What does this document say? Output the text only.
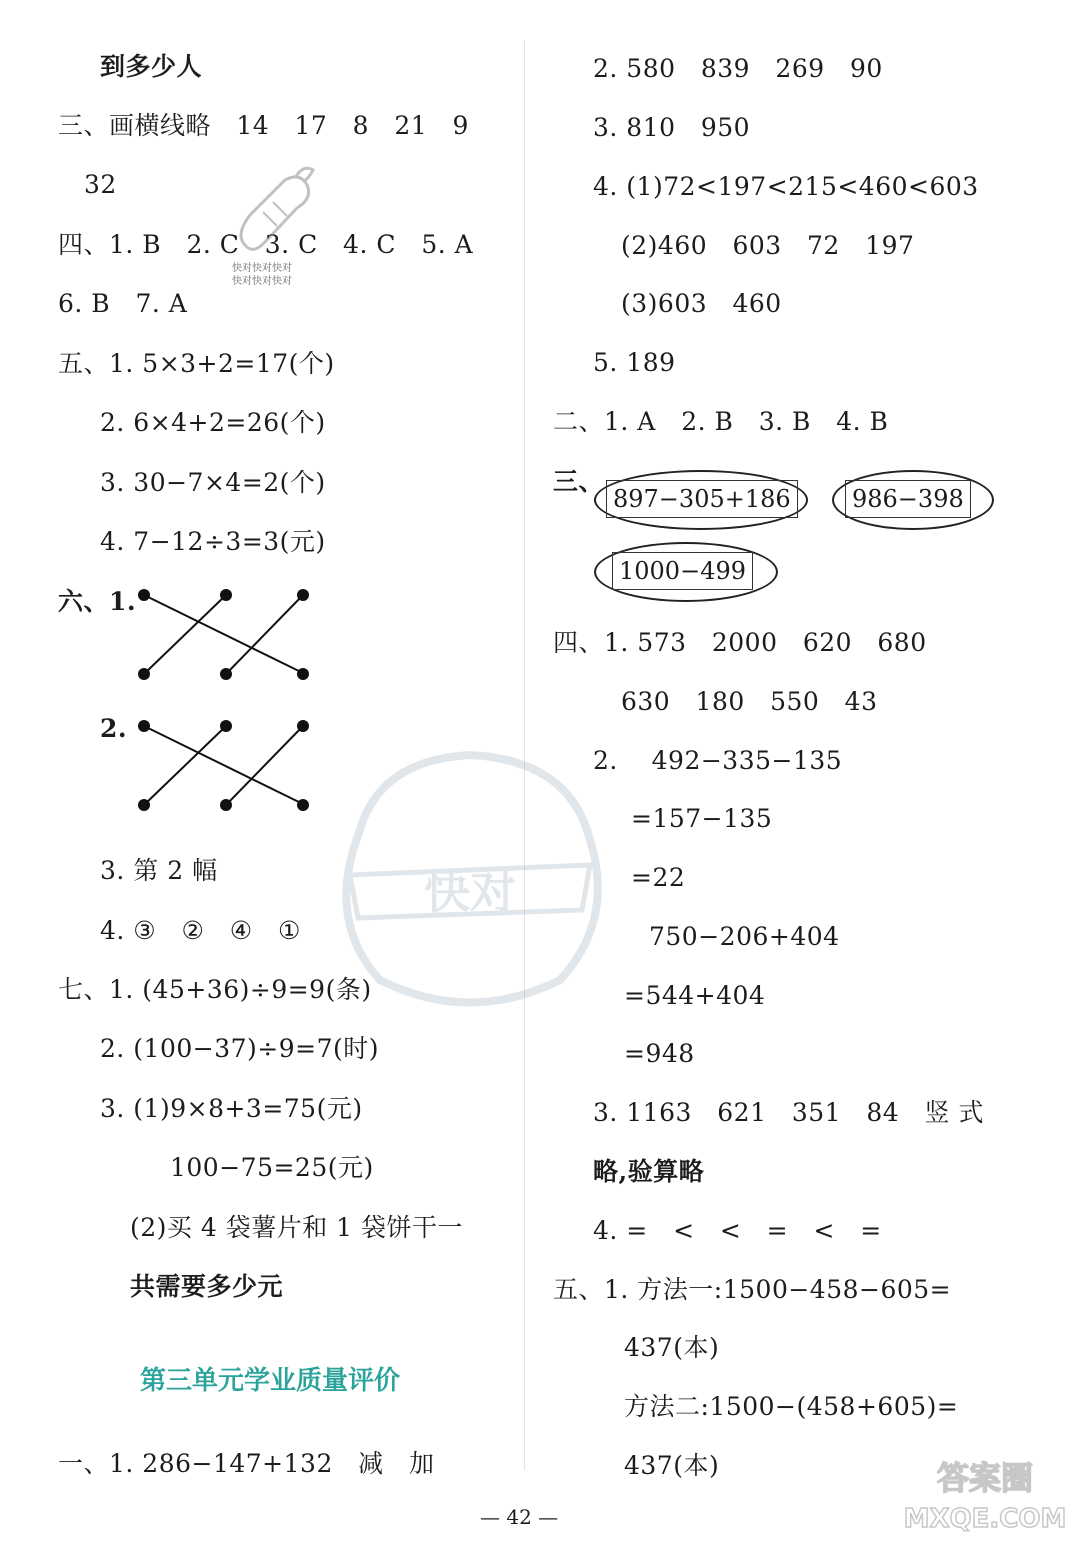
到多少人
三、画横线略   14   17   8   21   9
32
四、1. B   2. C   3. C   4. C   5. A
6. B   7. A
五、1. 5×3+2=17(个)
2. 6×4+2=26(个)
3. 30−7×4=2(个)
4. 7−12÷3=3(元)
六、1.
2.
3. 第 2 幅
4. ③   ②   ④   ①
七、1. (45+36)÷9=9(条)
2. (100−37)÷9=7(时)
3. (1)9×8+3=75(元)
100−75=25(元)
(2)买 4 袋薯片和 1 袋饼干一
共需要多少元
第三单元学业质量评价
一、1. 286−147+132   减   加
2. 580   839   269   90
3. 810   950
4. (1)72<197<215<460<603
(2)460   603   72   197
(3)603   460
5. 189
二、1. A   2. B   3. B   4. B
三、
897−305+186	986−398
1000−499
四、1. 573   2000   620   680
630   180   550   43
2.    492−335−135
=157−135
=22
750−206+404
=544+404
=948
3. 1163   621   351   84   竖 式
略,验算略
4. =   <   <   =   <   =
五、1. 方法一:1500−458−605=
437(本)
方法二:1500−(458+605)=
437(本)
— 42 —
快对快对快对
快对快对快对
快对
答案圈
MXQE.COM
